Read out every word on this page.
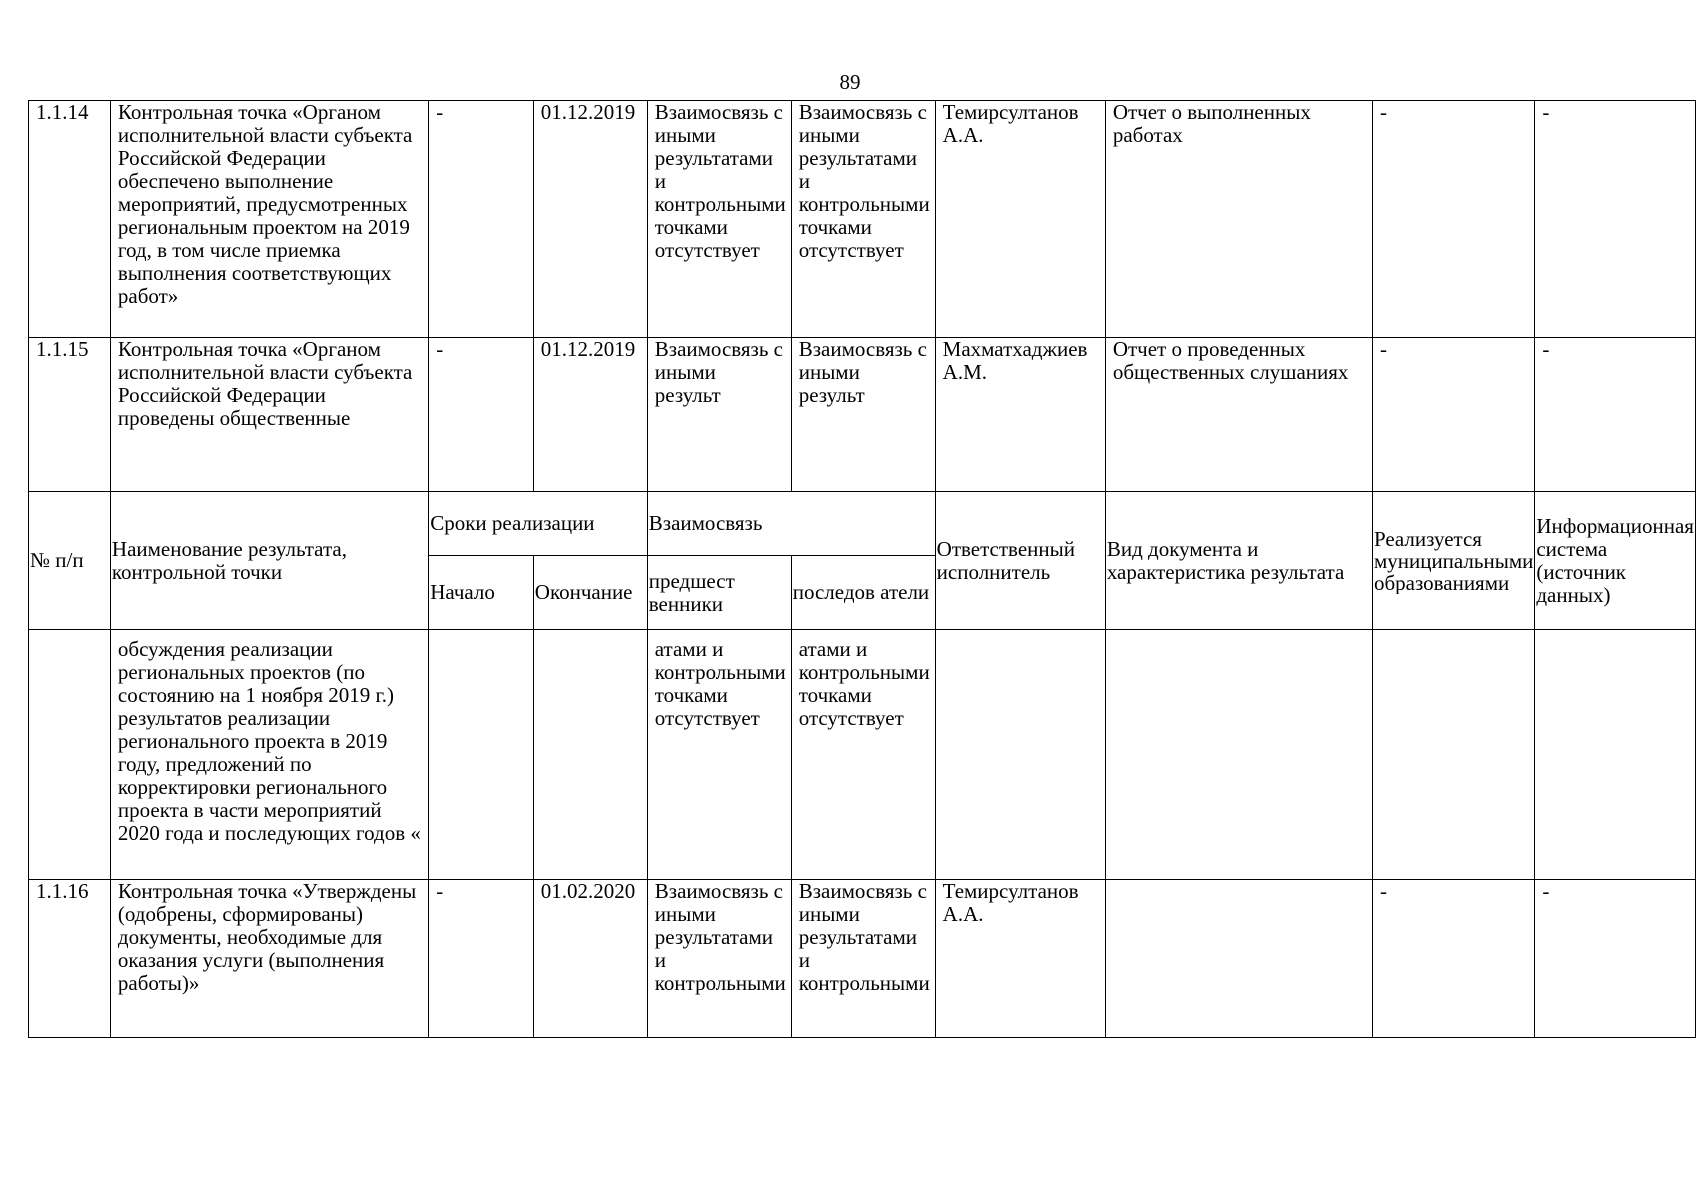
89
1.1.14	Контрольная точка «Органом исполнительной власти субъекта Российской Федерации обеспечено выполнение мероприятий, предусмотренных региональным проектом на 2019 год, в том числе приемка выполнения соответствующих работ»	-	01.12.2019	Взаимосвязь с иными результатами и контрольными точками отсутствует	Взаимосвязь с иными результатами и контрольными точками отсутствует	Темирсултанов А.А.	Отчет о выполненных работах	-	-

1.1.15	Контрольная точка «Органом исполнительной власти субъекта Российской Федерации проведены общественные	-	01.12.2019	Взаимосвязь с иными результ	Взаимосвязь с иными результ	Махматхаджиев А.М.	Отчет о проведенных общественных слушаниях	-	-

№ п/п	Наименование результата, контрольной точки	Сроки реализации		Взаимосвязь		Ответственный исполнитель	Вид документа и характеристика результата	Реализуется муниципальными образованиями	Информационная система (источник данных)

		Начало	Окончание	предшест венники	последов атели				

	обсуждения реализации региональных проектов (по состоянию на 1 ноября 2019 г.) результатов реализации регионального проекта в 2019 году, предложений по корректировки регионального проекта в части мероприятий 2020 года и последующих годов «			атами и контрольными точками отсутствует	атами и контрольными точками отсутствует				

1.1.16	Контрольная точка «Утверждены (одобрены, сформированы) документы, необходимые для оказания услуги (выполнения работы)»	-	01.02.2020	Взаимосвязь с иными результатами и контрольными	Взаимосвязь с иными результатами и контрольными	Темирсултанов А.А.		-	-
